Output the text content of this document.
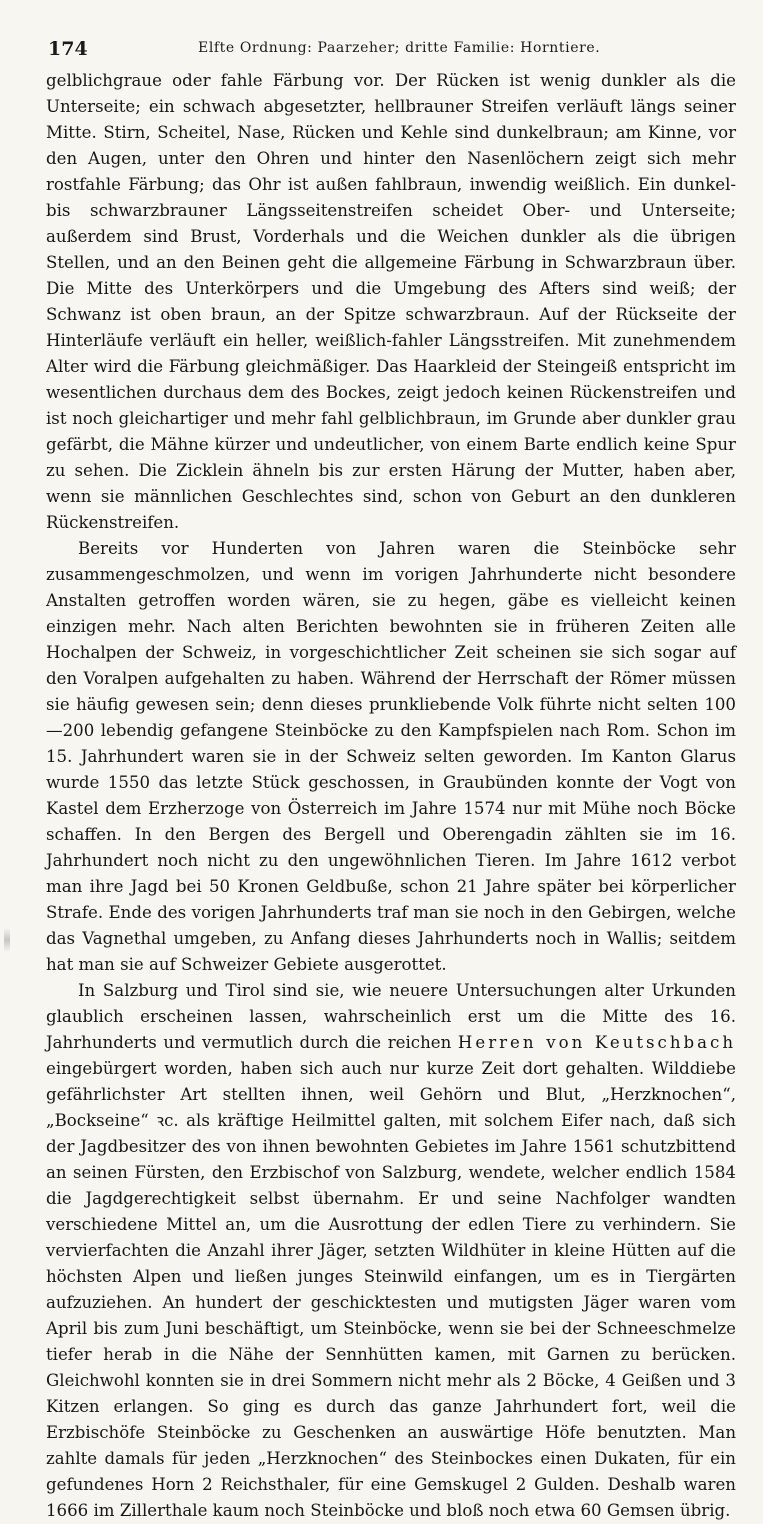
174	Elfte Ordnung: Paarzeher; dritte Familie: Horntiere.

gelblichgraue oder fahle Färbung vor. Der Rücken ist wenig dunkler als die Unterseite; ein schwach abgesetzter, hellbrauner Streifen verläuft längs seiner Mitte. Stirn, Scheitel, Nase, Rücken und Kehle sind dunkelbraun; am Kinne, vor den Augen, unter den Ohren und hinter den Nasenlöchern zeigt sich mehr rostfahle Färbung; das Ohr ist außen fahlbraun, inwendig weißlich. Ein dunkel- bis schwarzbrauner Längsseitenstreifen scheidet Ober- und Unterseite; außerdem sind Brust, Vorderhals und die Weichen dunkler als die übrigen Stellen, und an den Beinen geht die allgemeine Färbung in Schwarzbraun über. Die Mitte des Unterkörpers und die Umgebung des Afters sind weiß; der Schwanz ist oben braun, an der Spitze schwarzbraun. Auf der Rückseite der Hinterläufe verläuft ein heller, weißlich-fahler Längsstreifen. Mit zunehmendem Alter wird die Färbung gleichmäßiger. Das Haarkleid der Steingeiß entspricht im wesentlichen durchaus dem des Bockes, zeigt jedoch keinen Rückenstreifen und ist noch gleichartiger und mehr fahl gelblichbraun, im Grunde aber dunkler grau gefärbt, die Mähne kürzer und undeutlicher, von einem Barte endlich keine Spur zu sehen. Die Zicklein ähneln bis zur ersten Härung der Mutter, haben aber, wenn sie männlichen Geschlechtes sind, schon von Geburt an den dunkleren Rückenstreifen.

Bereits vor Hunderten von Jahren waren die Steinböcke sehr zusammengeschmolzen, und wenn im vorigen Jahrhunderte nicht besondere Anstalten getroffen worden wären, sie zu hegen, gäbe es vielleicht keinen einzigen mehr. Nach alten Berichten bewohnten sie in früheren Zeiten alle Hochalpen der Schweiz, in vorgeschichtlicher Zeit scheinen sie sich sogar auf den Voralpen aufgehalten zu haben. Während der Herrschaft der Römer müssen sie häufig gewesen sein; denn dieses prunkliebende Volk führte nicht selten 100—200 lebendig gefangene Steinböcke zu den Kampfspielen nach Rom. Schon im 15. Jahrhundert waren sie in der Schweiz selten geworden. Im Kanton Glarus wurde 1550 das letzte Stück geschossen, in Graubünden konnte der Vogt von Kastel dem Erzherzoge von Österreich im Jahre 1574 nur mit Mühe noch Böcke schaffen. In den Bergen des Bergell und Oberengadin zählten sie im 16. Jahrhundert noch nicht zu den ungewöhnlichen Tieren. Im Jahre 1612 verbot man ihre Jagd bei 50 Kronen Geldbuße, schon 21 Jahre später bei körperlicher Strafe. Ende des vorigen Jahrhunderts traf man sie noch in den Gebirgen, welche das Vagnethal umgeben, zu Anfang dieses Jahrhunderts noch in Wallis; seitdem hat man sie auf Schweizer Gebiete ausgerottet.

In Salzburg und Tirol sind sie, wie neuere Untersuchungen alter Urkunden glaublich erscheinen lassen, wahrscheinlich erst um die Mitte des 16. Jahrhunderts und vermutlich durch die reichen Herren von Keutschbach eingebürgert worden, haben sich auch nur kurze Zeit dort gehalten. Wilddiebe gefährlichster Art stellten ihnen, weil Gehörn und Blut, „Herzknochen“, „Bockseine“ ꝛc. als kräftige Heilmittel galten, mit solchem Eifer nach, daß sich der Jagdbesitzer des von ihnen bewohnten Gebietes im Jahre 1561 schutzbittend an seinen Fürsten, den Erzbischof von Salzburg, wendete, welcher endlich 1584 die Jagdgerechtigkeit selbst übernahm. Er und seine Nachfolger wandten verschiedene Mittel an, um die Ausrottung der edlen Tiere zu verhindern. Sie vervierfachten die Anzahl ihrer Jäger, setzten Wildhüter in kleine Hütten auf die höchsten Alpen und ließen junges Steinwild einfangen, um es in Tiergärten aufzuziehen. An hundert der geschicktesten und mutigsten Jäger waren vom April bis zum Juni beschäftigt, um Steinböcke, wenn sie bei der Schneeschmelze tiefer herab in die Nähe der Sennhütten kamen, mit Garnen zu berücken. Gleichwohl konnten sie in drei Sommern nicht mehr als 2 Böcke, 4 Geißen und 3 Kitzen erlangen. So ging es durch das ganze Jahrhundert fort, weil die Erzbischöfe Steinböcke zu Geschenken an auswärtige Höfe benutzten. Man zahlte damals für jeden „Herzknochen“ des Steinbockes einen Dukaten, für ein gefundenes Horn 2 Reichsthaler, für eine Gemskugel 2 Gulden. Deshalb waren 1666 im Zillerthale kaum noch Steinböcke und bloß noch etwa 60 Gemsen übrig.
